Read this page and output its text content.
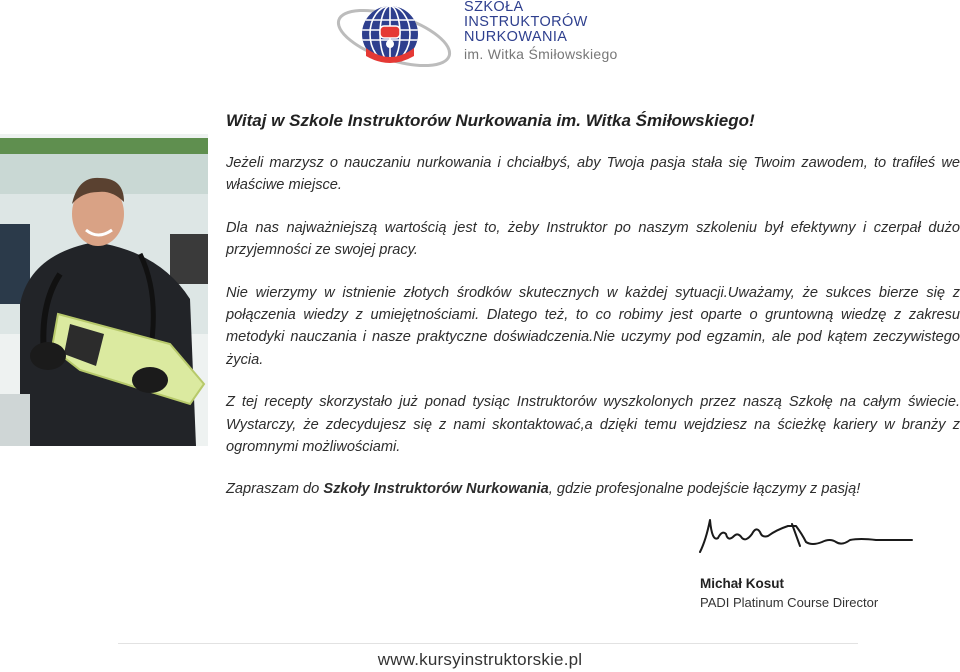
SZKOŁA
INSTRUKTORÓW
NURKOWANIA
im. Witka Śmiłowskiego
Witaj w Szkole Instruktorów Nurkowania im. Witka Śmiłowskiego!

Jeżeli marzysz o nauczaniu nurkowania i chciałbyś, aby Twoja pasja stała się Twoim zawodem, to trafiłeś we właściwe miejsce.

Dla nas najważniejszą wartością jest to, żeby Instruktor po naszym szkoleniu był efektywny i czerpał dużo przyjemności ze swojej pracy.

Nie wierzymy w istnienie złotych środków skutecznych w każdej sytuacji.Uważamy, że sukces bierze się z połączenia wiedzy z umiejętnościami. Dlatego też, to co robimy jest oparte o gruntowną wiedzę z zakresu metodyki nauczania i nasze praktyczne doświadczenia.Nie uczymy pod egzamin, ale pod kątem zeczywistego życia.

Z tej recepty skorzystało już ponad tysiąc Instruktorów wyszkolonych przez naszą Szkołę na całym świecie. Wystarczy, że zdecydujesz się z nami skontaktować,a dzięki temu wejdziesz na ścieżkę kariery w branży z ogromnymi możliwościami.

Zapraszam do Szkoły Instruktorów Nurkowania, gdzie profesjonalne podejście łączymy z pasją!

Michał Kosut
PADI Platinum Course Director
www.kursyinstruktorskie.pl
